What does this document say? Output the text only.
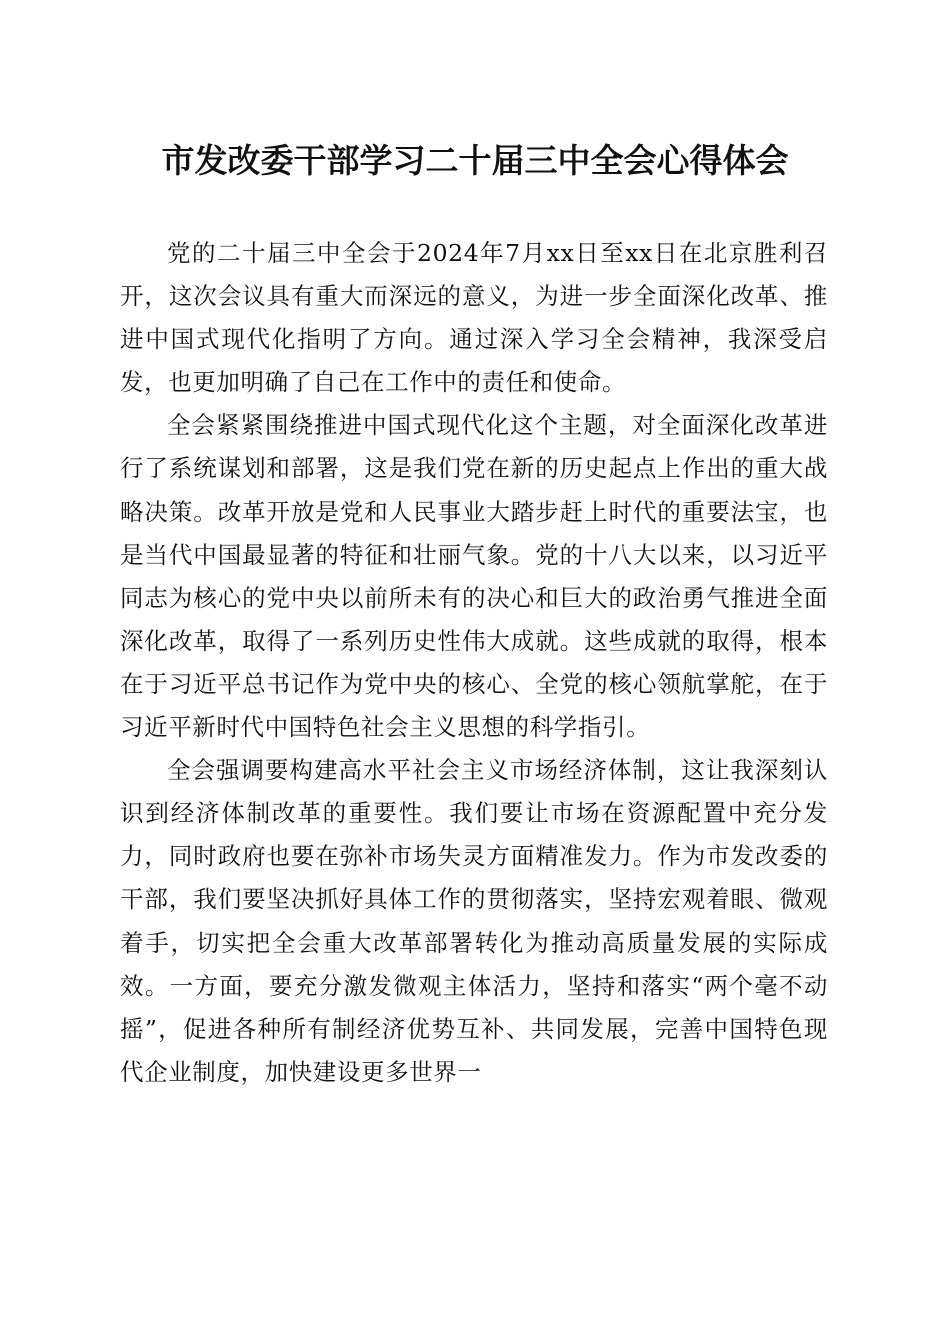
市发改委干部学习二十届三中全会心得体会

党的二十届三中全会于2024年7月xx日至xx日在北京胜利召开，这次会议具有重大而深远的意义，为进一步全面深化改革、推进中国式现代化指明了方向。通过深入学习全会精神，我深受启发，也更加明确了自己在工作中的责任和使命。

全会紧紧围绕推进中国式现代化这个主题，对全面深化改革进行了系统谋划和部署，这是我们党在新的历史起点上作出的重大战略决策。改革开放是党和人民事业大踏步赶上时代的重要法宝，也是当代中国最显著的特征和壮丽气象。党的十八大以来，以习近平同志为核心的党中央以前所未有的决心和巨大的政治勇气推进全面深化改革，取得了一系列历史性伟大成就。这些成就的取得，根本在于习近平总书记作为党中央的核心、全党的核心领航掌舵，在于习近平新时代中国特色社会主义思想的科学指引。

全会强调要构建高水平社会主义市场经济体制，这让我深刻认识到经济体制改革的重要性。我们要让市场在资源配置中充分发力，同时政府也要在弥补市场失灵方面精准发力。作为市发改委的干部，我们要坚决抓好具体工作的贯彻落实，坚持宏观着眼、微观着手，切实把全会重大改革部署转化为推动高质量发展的实际成效。一方面，要充分激发微观主体活力，坚持和落实“两个毫不动摇”，促进各种所有制经济优势互补、共同发展，完善中国特色现代企业制度，加快建设更多世界一
